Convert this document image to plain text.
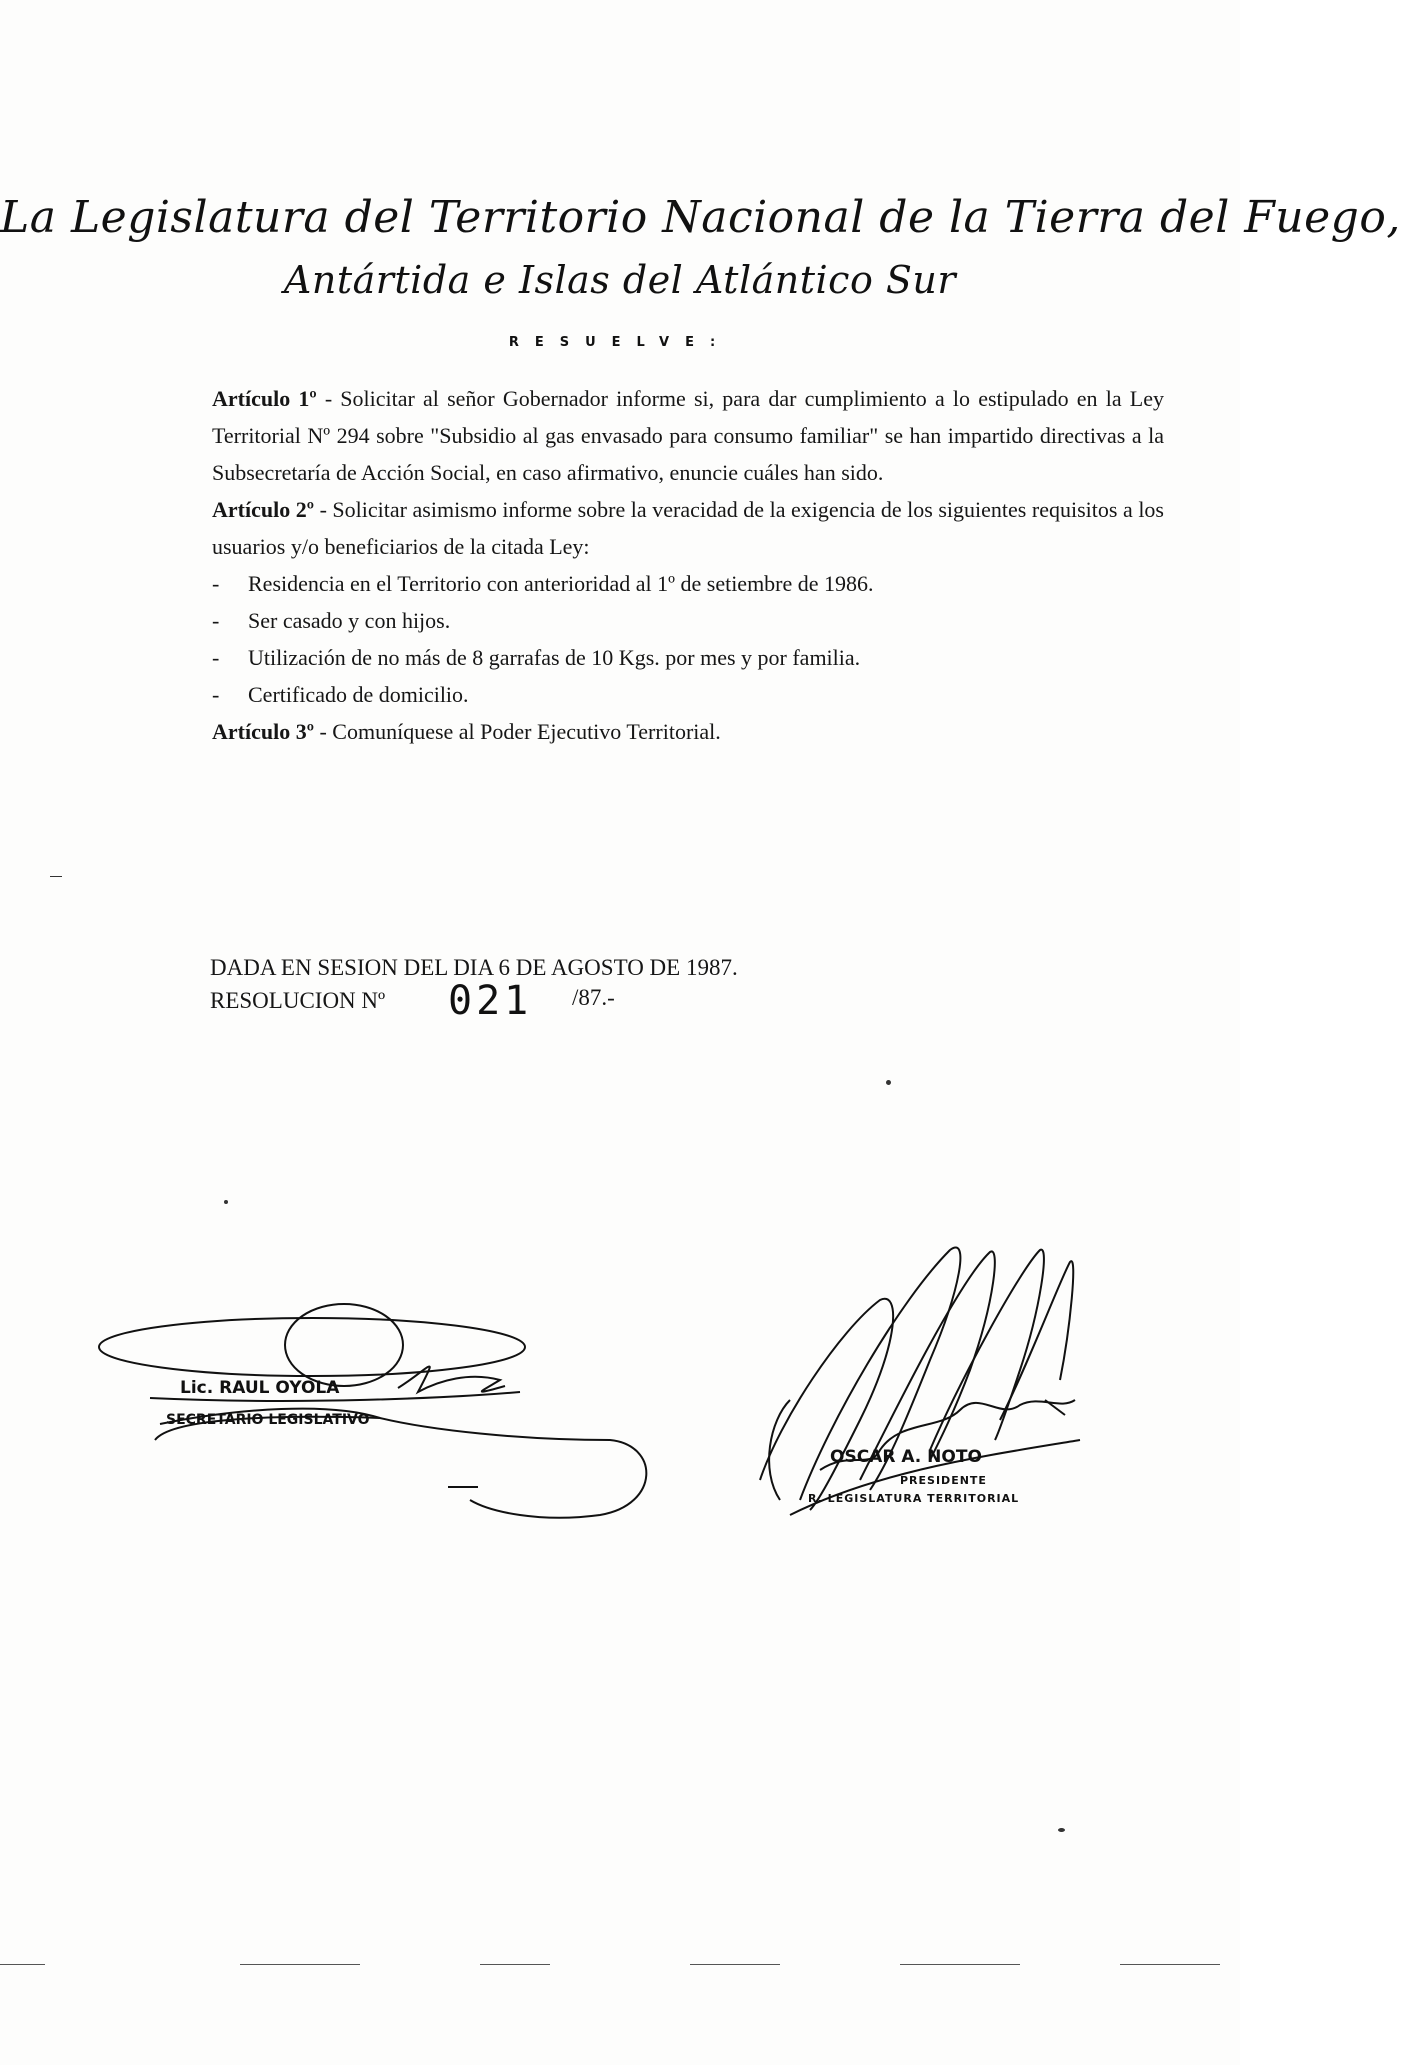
La Legislatura del Territorio Nacional de la Tierra del Fuego,
Antártida e Islas del Atlántico Sur
RESUELVE:

Artículo 1º - Solicitar al señor Gobernador informe si, para dar cumplimiento a lo estipulado en la Ley Territorial Nº 294 sobre "Subsidio al gas envasado para consumo familiar" se han impartido directivas a la Subsecretaría de Acción Social, en caso afirmativo, enuncie cuáles han sido.

Artículo 2º - Solicitar asimismo informe sobre la veracidad de la exigencia de los siguientes requisitos a los usuarios y/o beneficiarios de la citada Ley:

-	Residencia en el Territorio con anterioridad al 1º de setiembre de 1986.
-	Ser casado y con hijos.
-	Utilización de no más de 8 garrafas de 10 Kgs. por mes y por familia.
-	Certificado de domicilio.

Artículo 3º - Comuníquese al Poder Ejecutivo Territorial.

DADA EN SESION DEL DIA 6 DE AGOSTO DE 1987.
RESOLUCION Nº 021 /87.-
Lic. RAUL OYOLA
SECRETARIO LEGISLATIVO
OSCAR A. NOTO
PRESIDENTE
R. LEGISLATURA TERRITORIAL
